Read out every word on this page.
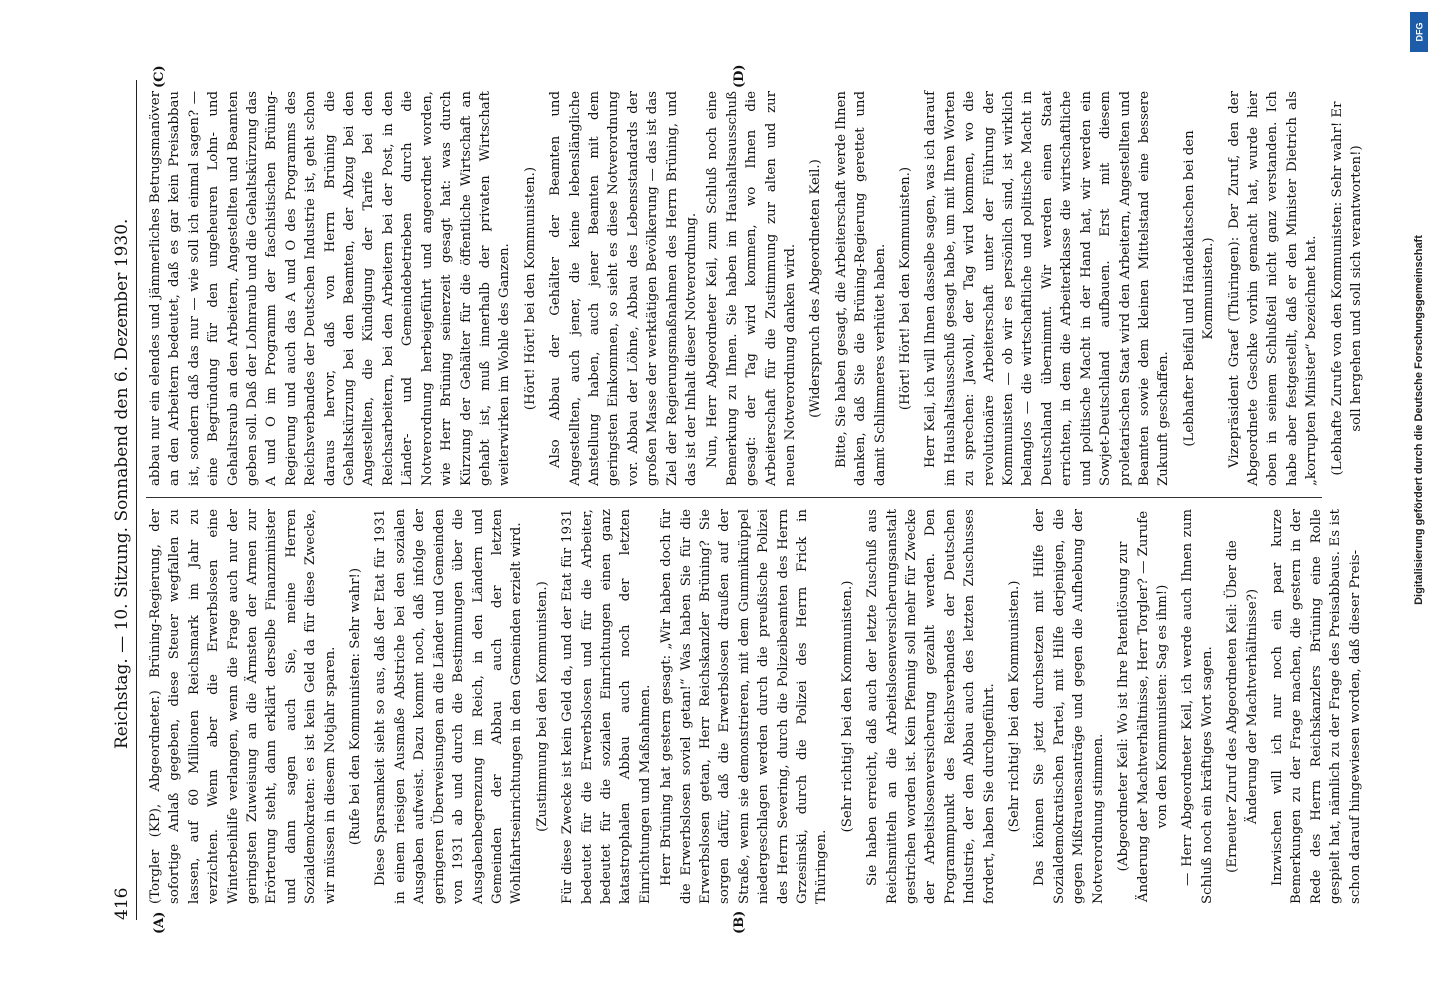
416
Reichstag. — 10. Sitzung. Sonnabend den 6. Dezember 1930.
(A)	(B)
(C)	(D)

(Torgler (KP), Abgeordneter.) Brüning-Regierung, der sofortige Anlaß gegeben, diese Steuer wegfallen zu lassen, auf 60 Millionen Reichsmark im Jahr zu verzichten. Wenn aber die Erwerbslosen eine Winterbeihilfe verlangen, wenn die Frage auch nur der geringsten Zuweisung an die Ärmsten der Armen zur Erörterung steht, dann erklärt derselbe Finanzminister und dann sagen auch Sie, meine Herren Sozialdemokraten: es ist kein Geld da für diese Zwecke, wir müssen in diesem Notjahr sparen. (Rufe bei den Kommunisten: Sehr wahr!) Diese Sparsamkeit sieht so aus, daß der Etat für 1931 in einem riesigen Ausmaße Abstriche bei den sozialen Ausgaben aufweist. Dazu kommt noch, daß infolge der geringeren Überweisungen an die Länder und Gemeinden von 1931 ab und durch die Bestimmungen über die Ausgabenbegrenzung im Reich, in den Ländern und Gemeinden der Abbau auch der letzten Wohlfahrtseinrichtungen in den Gemeinden erzielt wird. (Zustimmung bei den Kommunisten.) Für diese Zwecke ist kein Geld da, und der Etat für 1931 bedeutet für die Erwerbslosen und für die Arbeiter, bedeutet für die sozialen Einrichtungen einen ganz katastrophalen Abbau auch noch der letzten Einrichtungen und Maßnahmen. Herr Brüning hat gestern gesagt: „Wir haben doch für die Erwerbslosen soviel getan!“ Was haben Sie für die Erwerbslosen getan, Herr Reichskanzler Brüning? Sie sorgen dafür, daß die Erwerbslosen draußen auf der Straße, wenn sie demonstrieren, mit dem Gummiknüppel niedergeschlagen werden durch die preußische Polizei des Herrn Severing, durch die Polizeibeamten des Herrn Grzesinski, durch die Polizei des Herrn Frick in Thüringen.

(Sehr richtig! bei den Kommunisten.) Sie haben erreicht, daß auch der letzte Zuschuß aus Reichsmitteln an die Arbeitslosenversicherungsanstalt gestrichen worden ist. Kein Pfennig soll mehr für Zwecke der Arbeitslosenversicherung gezahlt werden. Den Programmpunkt des Reichsverbandes der Deutschen Industrie, der den Abbau auch des letzten Zuschusses fordert, haben Sie durchgeführt. (Sehr richtig! bei den Kommunisten.) Das können Sie jetzt durchsetzen mit Hilfe der Sozialdemokratischen Partei, mit Hilfe derjenigen, die gegen Mißtrauensanträge und gegen die Aufhebung der Notverordnung stimmen. (Abgeordneter Keil: Wo ist Ihre Patentlösung zur Änderung der Machtverhältnisse, Herr Torgler? — Zurufe von den Kommunisten: Sag es ihm!) — Herr Abgeordneter Keil, ich werde auch Ihnen zum Schluß noch ein kräftiges Wort sagen. (Erneuter Zuruf des Abgeordneten Keil: Über die Änderung der Machtverhältnisse?) Inzwischen will ich nur noch ein paar kurze Bemerkungen zu der Frage machen, die gestern in der Rede des Herrn Reichskanzlers Brüning eine Rolle gespielt hat, nämlich zu der Frage des Preisabbaus. Es ist schon darauf hingewiesen worden, daß dieser Preis-

abbau nur ein elendes und jämmerliches Betrugsmanöver an den Arbeitern bedeutet, daß es gar kein Preisabbau ist, sondern daß das nur — wie soll ich einmal sagen? — eine Begründung für den ungeheuren Lohn- und Gehaltsraub an den Arbeitern, Angestellten und Beamten geben soll. Daß der Lohnraub und die Gehaltskürzung das A und O im Programm der faschistischen Brüning-Regierung und auch das A und O des Programms des Reichsverbandes der Deutschen Industrie ist, geht schon daraus hervor, daß von Herrn Brüning die Gehaltskürzung bei den Beamten, der Abzug bei den Angestellten, die Kündigung der Tarife bei den Reichsarbeitern, bei den Arbeitern bei der Post, in den Länder- und Gemeindebetrieben durch die Notverordnung herbeigeführt und angeordnet worden, wie Herr Brüning seinerzeit gesagt hat: was durch Kürzung der Gehälter für die öffentliche Wirtschaft an gehabt ist, muß innerhalb der privaten Wirtschaft weiterwirken im Wohle des Ganzen. (Hört! Hört! bei den Kommunisten.) Also Abbau der Gehälter der Beamten und Angestellten, auch jener, die keine lebenslängliche Anstellung haben, auch jener Beamten mit dem geringsten Einkommen, so sieht es diese Notverordnung vor. Abbau der Löhne, Abbau des Lebensstandards der großen Masse der werktätigen Bevölkerung — das ist das Ziel der Regierungsmaßnahmen des Herrn Brüning, und das ist der Inhalt dieser Notverordnung. Nun, Herr Abgeordneter Keil, zum Schluß noch eine Bemerkung zu Ihnen. Sie haben im Haushaltsausschuß gesagt: der Tag wird kommen, wo Ihnen die Arbeiterschaft für die Zustimmung zur alten und zur neuen Notverordnung danken wird. (Widerspruch des Abgeordneten Keil.) Bitte, Sie haben gesagt, die Arbeiterschaft werde Ihnen danken, daß Sie die Brüning-Regierung gerettet und damit Schlimmeres verhütet haben. (Hört! Hört! bei den Kommunisten.) Herr Keil, ich will Ihnen dasselbe sagen, was ich darauf im Haushaltsausschuß gesagt habe, um mit Ihren Worten zu sprechen: Jawohl, der Tag wird kommen, wo die revolutionäre Arbeiterschaft unter der Führung der Kommunisten — ob wir es persönlich sind, ist wirklich belanglos — die wirtschaftliche und politische Macht in Deutschland übernimmt. Wir werden einen Staat errichten, in dem die Arbeiterklasse die wirtschaftliche und politische Macht in der Hand hat, wir werden ein Sowjet-Deutschland aufbauen. Erst mit diesem proletarischen Staat wird den Arbeitern, Angestellten und Beamten sowie dem kleinen Mittelstand eine bessere Zukunft geschaffen. (Lebhafter Beifall und Händeklatschen bei den Kommunisten.) Vizepräsident Graef (Thüringen): Der Zuruf, den der Abgeordnete Geschke vorhin gemacht hat, wurde hier oben in seinem Schlußteil nicht ganz verstanden. Ich habe aber festgestellt, daß er den Minister Dietrich als „korrupten Minister“ bezeichnet hat. (Lebhafte Zurufe von den Kommunisten: Sehr wahr! Er soll hergehen und soll sich verantworten!)

DFG
Digitalisierung gefördert durch die Deutsche Forschungsgemeinschaft
